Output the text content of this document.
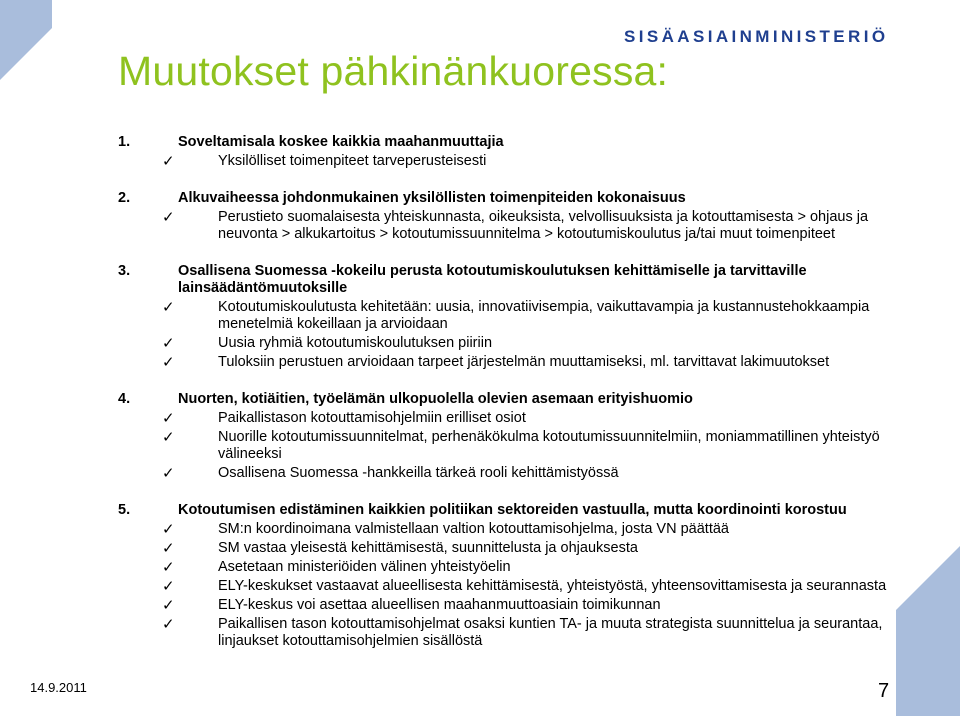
SISÄASIAINMINISTERIÖ
Muutokset pähkinänkuoressa:
1.	Soveltamisala koskee kaikkia maahanmuuttajia
✓	Yksilölliset toimenpiteet tarveperusteisesti
2.	Alkuvaiheessa johdonmukainen yksilöllisten toimenpiteiden kokonaisuus
✓	Perustieto suomalaisesta yhteiskunnasta, oikeuksista, velvollisuuksista ja kotouttamisesta > ohjaus ja neuvonta > alkukartoitus > kotoutumissuunnitelma > kotoutumiskoulutus ja/tai muut toimenpiteet
3.	Osallisena Suomessa -kokeilu perusta kotoutumiskoulutuksen kehittämiselle ja tarvittaville lainsäädäntömuutoksille
✓	Kotoutumiskoulutusta kehitetään: uusia, innovatiivisempia, vaikuttavampia ja kustannustehokkaampia menetelmiä kokeillaan ja arvioidaan
✓	Uusia ryhmiä kotoutumiskoulutuksen piiriin
✓	Tuloksiin perustuen arvioidaan tarpeet järjestelmän muuttamiseksi, ml. tarvittavat lakimuutokset
4.	Nuorten, kotiäitien, työelämän ulkopuolella olevien asemaan erityishuomio
✓	Paikallistason kotouttamisohjelmiin erilliset osiot
✓	Nuorille kotoutumissuunnitelmat, perhenäkökulma kotoutumissuunnitelmiin, moniammatillinen yhteistyö välineeksi
✓	Osallisena Suomessa -hankkeilla tärkeä rooli kehittämistyössä
5.	Kotoutumisen edistäminen kaikkien politiikan sektoreiden vastuulla, mutta koordinointi korostuu
✓	SM:n koordinoimana valmistellaan valtion kotouttamisohjelma, josta VN päättää
✓	SM vastaa yleisestä kehittämisestä, suunnittelusta ja ohjauksesta
✓	Asetetaan ministeriöiden välinen yhteistyöelin
✓	ELY-keskukset vastaavat alueellisesta kehittämisestä, yhteistyöstä, yhteensovittamisesta ja seurannasta
✓	ELY-keskus voi asettaa alueellisen maahanmuuttoasiain toimikunnan
✓	Paikallisen tason kotouttamisohjelmat osaksi kuntien TA- ja muuta strategista suunnittelua ja seurantaa, linjaukset kotouttamisohjelmien sisällöstä
14.9.2011	7
